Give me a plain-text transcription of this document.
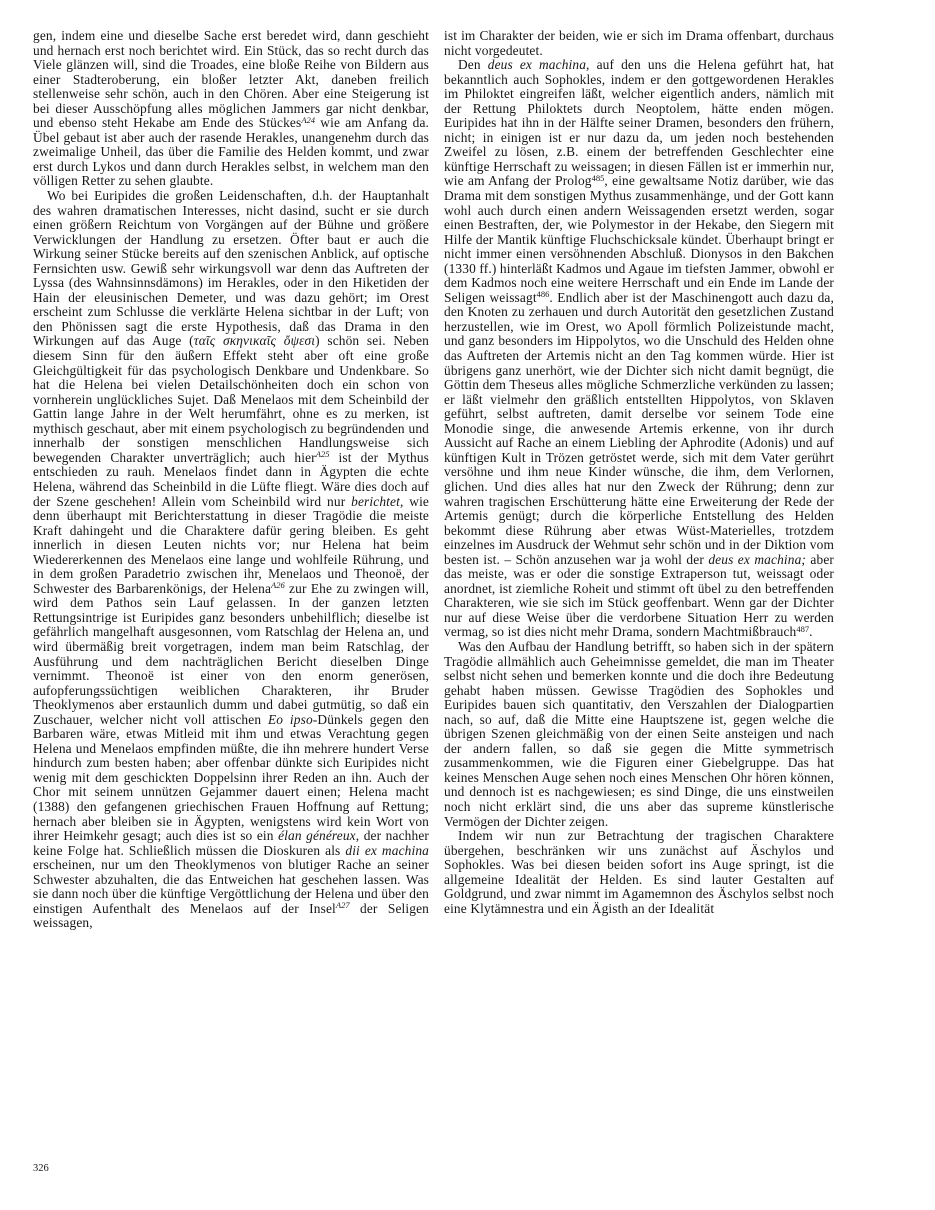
gen, indem eine und dieselbe Sache erst beredet wird, dann geschieht und hernach erst noch berichtet wird. Ein Stück, das so recht durch das Viele glänzen will, sind die Troades, eine bloße Reihe von Bildern aus einer Stadteroberung, ein bloßer letzter Akt, daneben freilich stellenweise sehr schön, auch in den Chören. Aber eine Steigerung ist bei dieser Ausschöpfung alles möglichen Jammers gar nicht denkbar, und ebenso steht Hekabe am Ende des Stückes$^{A24}$ wie am Anfang da. Übel gebaut ist aber auch der rasende Herakles, unangenehm durch das zweimalige Unheil, das über die Familie des Helden kommt, und zwar erst durch Lykos und dann durch Herakles selbst, in welchem man den völligen Retter zu sehen glaubte.

Wo bei Euripides die großen Leidenschaften, d.h. der Hauptanhalt des wahren dramatischen Interesses, nicht dasind, sucht er sie durch einen größern Reichtum von Vorgängen auf der Bühne und größere Verwicklungen der Handlung zu ersetzen. Öfter baut er auch die Wirkung seiner Stücke bereits auf den szenischen Anblick, auf optische Fernsichten usw. Gewiß sehr wirkungsvoll war denn das Auftreten der Lyssa (des Wahnsinnsdämons) im Herakles, oder in den Hiketiden der Hain der eleusinischen Demeter, und was dazu gehört; im Orest erscheint zum Schlusse die verklärte Helena sichtbar in der Luft; von den Phönissen sagt die erste Hypothesis, daß das Drama in den Wirkungen auf das Auge (ταῖς σκηνικαῖς ὄψεσι) schön sei. Neben diesem Sinn für den äußern Effekt steht aber oft eine große Gleichgültigkeit für das psychologisch Denkbare und Undenkbare. So hat die Helena bei vielen Detailschönheiten doch ein schon von vornherein unglückliches Sujet. Daß Menelaos mit dem Scheinbild der Gattin lange Jahre in der Welt herumfährt, ohne es zu merken, ist mythisch geschaut, aber mit einem psychologisch zu begründenden und innerhalb der sonstigen menschlichen Handlungsweise sich bewegenden Charakter unverträglich; auch hier$^{A25}$ ist der Mythus entschieden zu rauh. Menelaos findet dann in Ägypten die echte Helena, während das Scheinbild in die Lüfte fliegt. Wäre dies doch auf der Szene geschehen! Allein vom Scheinbild wird nur berichtet, wie denn überhaupt mit Berichterstattung in dieser Tragödie die meiste Kraft dahingeht und die Charaktere dafür gering bleiben. Es geht innerlich in diesen Leuten nichts vor; nur Helena hat beim Wiedererkennen des Menelaos eine lange und wohlfeile Rührung, und in dem großen Paradetrio zwischen ihr, Menelaos und Theonoë, der Schwester des Barbarenkönigs, der Helena$^{A26}$ zur Ehe zu zwingen will, wird dem Pathos sein Lauf gelassen. In der ganzen letzten Rettungsintrige ist Euripides ganz besonders unbehilflich; dieselbe ist gefährlich mangelhaft ausgesonnen, vom Ratschlag der Helena an, und wird übermäßig breit vorgetragen, indem man beim Ratschlag, der Ausführung und dem nachträglichen Bericht dieselben Dinge vernimmt. Theonoë ist einer von den enorm generösen, aufopferungssüchtigen weiblichen Charakteren, ihr Bruder Theoklymenos aber erstaunlich dumm und dabei gutmütig, so daß ein Zuschauer, welcher nicht voll attischen Eo ipso-Dünkels gegen den Barbaren wäre, etwas Mitleid mit ihm und etwas Verachtung gegen Helena und Menelaos empfinden müßte, die ihn mehrere hundert Verse hindurch zum besten haben; aber offenbar dünkte sich Euripides nicht wenig mit dem geschickten Doppelsinn ihrer Reden an ihn. Auch der Chor mit seinem unnützen Gejammer dauert einen; Helena macht (1388) den gefangenen griechischen Frauen Hoffnung auf Rettung; hernach aber bleiben sie in Ägypten, wenigstens wird kein Wort von ihrer Heimkehr gesagt; auch dies ist so ein élan généreux, der nachher keine Folge hat. Schließlich müssen die Dioskuren als dii ex machina erscheinen, nur um den Theoklymenos von blutiger Rache an seiner Schwester abzuhalten, die das Entweichen hat geschehen lassen. Was sie dann noch über die künftige Vergöttlichung der Helena und über den einstigen Aufenthalt des Menelaos auf der Insel$^{A27}$ der Seligen weissagen,

ist im Charakter der beiden, wie er sich im Drama offenbart, durchaus nicht vorgedeutet.

Den deus ex machina, auf den uns die Helena geführt hat, hat bekanntlich auch Sophokles, indem er den gottgewordenen Herakles im Philoktet eingreifen läßt, welcher eigentlich anders, nämlich mit der Rettung Philoktets durch Neoptolem, hätte enden mögen. Euripides hat ihn in der Hälfte seiner Dramen, besonders den frühern, nicht; in einigen ist er nur dazu da, um jeden noch bestehenden Zweifel zu lösen, z.B. einem der betreffenden Geschlechter eine künftige Herrschaft zu weissagen; in diesen Fällen ist er immerhin nur, wie am Anfang der Prolog$^{485}$, eine gewaltsame Notiz darüber, wie das Drama mit dem sonstigen Mythus zusammenhänge, und der Gott kann wohl auch durch einen andern Weissagenden ersetzt werden, sogar einen Bestraften, der, wie Polymestor in der Hekabe, den Siegern mit Hilfe der Mantik künftige Fluchschicksale kündet. Überhaupt bringt er nicht immer einen versöhnenden Abschluß. Dionysos in den Bakchen (1330 ff.) hinterläßt Kadmos und Agaue im tiefsten Jammer, obwohl er dem Kadmos noch eine weitere Herrschaft und ein Ende im Lande der Seligen weissagt$^{486}$. Endlich aber ist der Maschinengott auch dazu da, den Knoten zu zerhauen und durch Autorität den gesetzlichen Zustand herzustellen, wie im Orest, wo Apoll förmlich Polizeistunde macht, und ganz besonders im Hippolytos, wo die Unschuld des Helden ohne das Auftreten der Artemis nicht an den Tag kommen würde. Hier ist übrigens ganz unerhört, wie der Dichter sich nicht damit begnügt, die Göttin dem Theseus alles mögliche Schmerzliche verkünden zu lassen; er läßt vielmehr den gräßlich entstellten Hippolytos, von Sklaven geführt, selbst auftreten, damit derselbe vor seinem Tode eine Monodie singe, die anwesende Artemis erkenne, von ihr durch Aussicht auf Rache an einem Liebling der Aphrodite (Adonis) und auf künftigen Kult in Trözen getröstet werde, sich mit dem Vater gerührt versöhne und ihm neue Kinder wünsche, die ihm, dem Verlornen, glichen. Und dies alles hat nur den Zweck der Rührung; denn zur wahren tragischen Erschütterung hätte eine Erweiterung der Rede der Artemis genügt; durch die körperliche Entstellung des Helden bekommt diese Rührung aber etwas Wüst-Materielles, trotzdem einzelnes im Ausdruck der Wehmut sehr schön und in der Diktion vom besten ist. – Schön anzusehen war ja wohl der deus ex machina; aber das meiste, was er oder die sonstige Extraperson tut, weissagt oder anordnet, ist ziemliche Roheit und stimmt oft übel zu den betreffenden Charakteren, wie sie sich im Stück geoffenbart. Wenn gar der Dichter nur auf diese Weise über die verdorbene Situation Herr zu werden vermag, so ist dies nicht mehr Drama, sondern Machtmißbrauch$^{487}$.

Was den Aufbau der Handlung betrifft, so haben sich in der spätern Tragödie allmählich auch Geheimnisse gemeldet, die man im Theater selbst nicht sehen und bemerken konnte und die doch ihre Bedeutung gehabt haben müssen. Gewisse Tragödien des Sophokles und Euripides bauen sich quantitativ, den Verszahlen der Dialogpartien nach, so auf, daß die Mitte eine Hauptszene ist, gegen welche die übrigen Szenen gleichmäßig von der einen Seite ansteigen und nach der andern fallen, so daß sie gegen die Mitte symmetrisch zusammenkommen, wie die Figuren einer Giebelgruppe. Das hat keines Menschen Auge sehen noch eines Menschen Ohr hören können, und dennoch ist es nachgewiesen; es sind Dinge, die uns einstweilen noch nicht erklärt sind, die uns aber das supreme künstlerische Vermögen der Dichter zeigen.

Indem wir nun zur Betrachtung der tragischen Charaktere übergehen, beschränken wir uns zunächst auf Äschylos und Sophokles. Was bei diesen beiden sofort ins Auge springt, ist die allgemeine Idealität der Helden. Es sind lauter Gestalten auf Goldgrund, und zwar nimmt im Agamemnon des Äschylos selbst noch eine Klytämnestra und ein Ägisth an der Idealität

326
